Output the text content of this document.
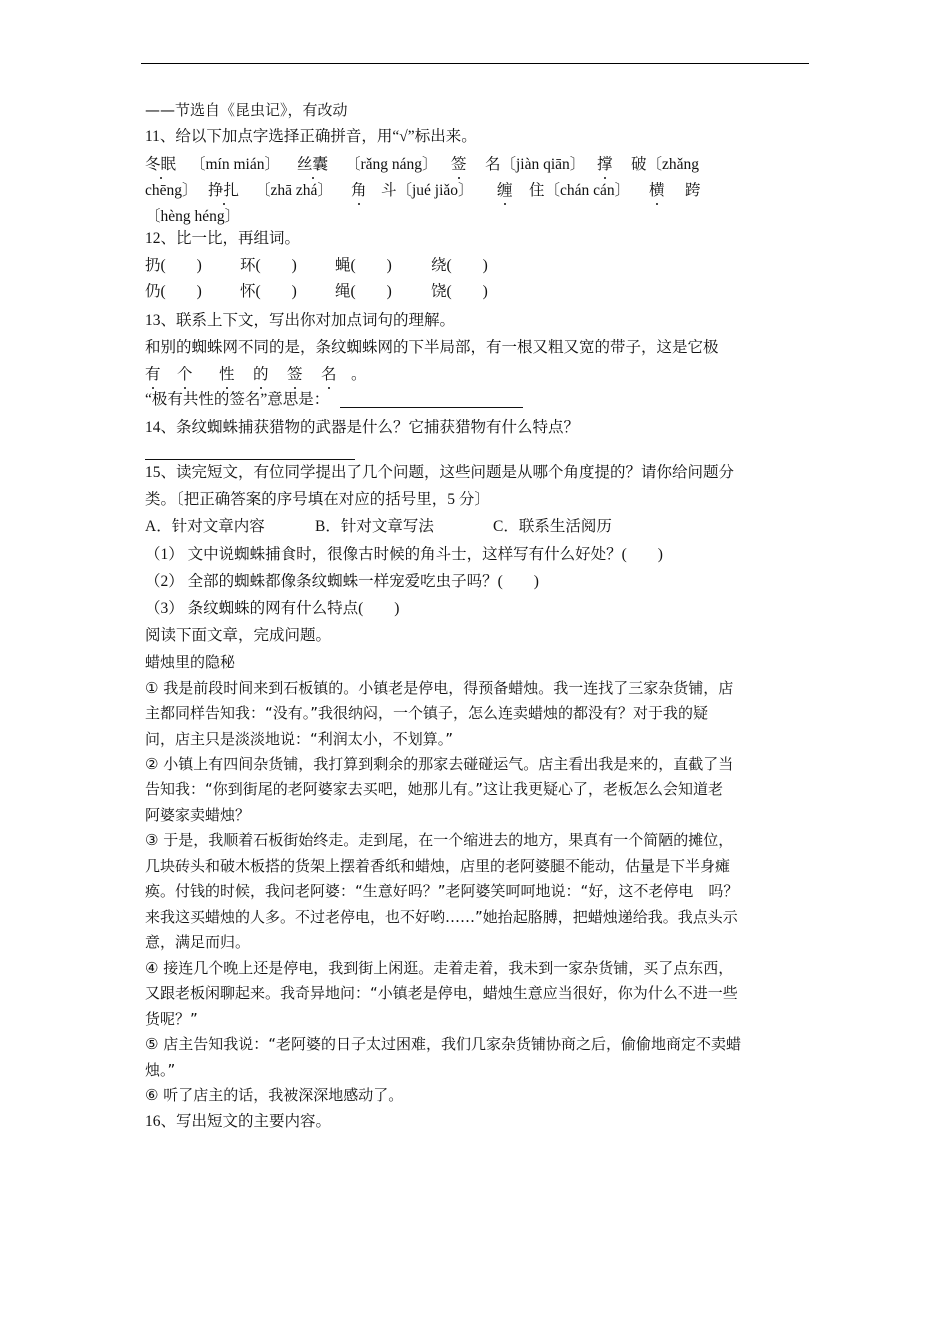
——节选自《昆虫记》，有改动
11、给以下加点字选择正确拼音，用“√”标出来。
冬眠 〔mín mián〕 丝囊 〔rǎng náng〕 签 名〔jiàn qiān〕 撑 破〔zhǎng
chēng〕 挣扎 〔zhā zhá〕 角 斗〔jué jiǎo〕 缠 住〔chán cán〕 横 跨
〔hèng héng〕
12、比一比，再组词。
扔(　　) 环(　　) 蝇(　　)	绕(　　)
仍(　　) 怀(　　) 绳(　　)	饶(　　)
13、联系上下文，写出你对加点词句的理解。
和别的蜘蛛网不同的是，条纹蜘蛛网的下半局部，有一根又粗又宽的带子，这是它极
有 个 性 的 签 名 。
“极有共性的签名”意思是：
14、条纹蜘蛛捕获猎物的武器是什么？它捕获猎物有什么特点？
15、读完短文，有位同学提出了几个问题，这些问题是从哪个角度提的？请你给问题分
类。〔把正确答案的序号填在对应的括号里，5 分〕
A．针对文章内容	B．针对文章写法	C．联系生活阅历
（1） 文中说蜘蛛捕食时，很像古时候的角斗士，这样写有什么好处？(　　)
（2） 全部的蜘蛛都像条纹蜘蛛一样宠爱吃虫子吗？(　　)
（3） 条纹蜘蛛的网有什么特点(　　)
阅读下面文章，完成问题。
蜡烛里的隐秘
① 我是前段时间来到石板镇的。小镇老是停电，得预备蜡烛。我一连找了三家杂货铺，店
主都同样告知我：“没有。”我很纳闷，一个镇子，怎么连卖蜡烛的都没有？对于我的疑
问，店主只是淡淡地说：“利润太小，不划算。”
② 小镇上有四间杂货铺，我打算到剩余的那家去碰碰运气。店主看出我是来的，直截了当
告知我：“你到街尾的老阿婆家去买吧，她那儿有。”这让我更疑心了，老板怎么会知道老
阿婆家卖蜡烛？
③ 于是，我顺着石板街始终走。走到尾，在一个缩进去的地方，果真有一个简陋的摊位，
几块砖头和破木板搭的货架上摆着香纸和蜡烛，店里的老阿婆腿不能动，估量是下半身瘫
痪。付钱的时候，我问老阿婆：“生意好吗？”老阿婆笑呵呵地说：“好，这不老停电　吗？
来我这买蜡烛的人多。不过老停电，也不好哟……”她抬起胳膊，把蜡烛递给我。我点头示
意，满足而归。
④ 接连几个晚上还是停电，我到街上闲逛。走着走着，我未到一家杂货铺，买了点东西，
又跟老板闲聊起来。我奇异地问：“小镇老是停电，蜡烛生意应当很好，你为什么不进一些
货呢？”
⑤ 店主告知我说：“老阿婆的日子太过困难，我们几家杂货铺协商之后，偷偷地商定不卖蜡
烛。”
⑥ 听了店主的话，我被深深地感动了。
16、写出短文的主要内容。
